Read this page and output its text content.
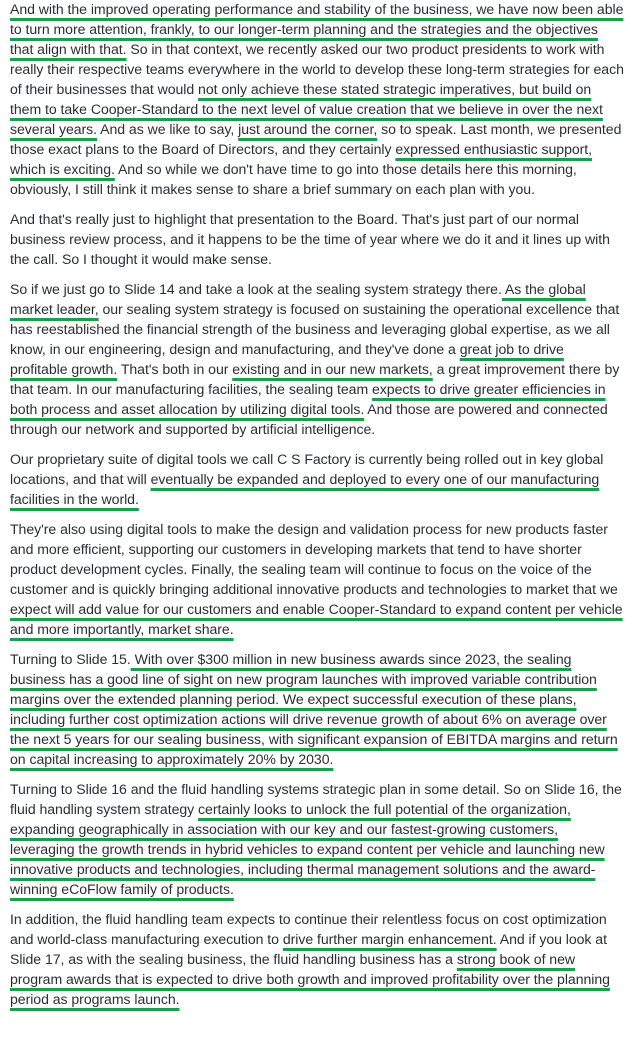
And with the improved operating performance and stability of the business, we have now been able to turn more attention, frankly, to our longer-term planning and the strategies and the objectives that align with that. So in that context, we recently asked our two product presidents to work with really their respective teams everywhere in the world to develop these long-term strategies for each of their businesses that would not only achieve these stated strategic imperatives, but build on them to take Cooper-Standard to the next level of value creation that we believe in over the next several years. And as we like to say, just around the corner, so to speak. Last month, we presented those exact plans to the Board of Directors, and they certainly expressed enthusiastic support, which is exciting. And so while we don't have time to go into those details here this morning, obviously, I still think it makes sense to share a brief summary on each plan with you.

And that's really just to highlight that presentation to the Board. That's just part of our normal business review process, and it happens to be the time of year where we do it and it lines up with the call. So I thought it would make sense.

So if we just go to Slide 14 and take a look at the sealing system strategy there. As the global market leader, our sealing system strategy is focused on sustaining the operational excellence that has reestablished the financial strength of the business and leveraging global expertise, as we all know, in our engineering, design and manufacturing, and they've done a great job to drive profitable growth. That's both in our existing and in our new markets, a great improvement there by that team. In our manufacturing facilities, the sealing team expects to drive greater efficiencies in both process and asset allocation by utilizing digital tools. And those are powered and connected through our network and supported by artificial intelligence.

Our proprietary suite of digital tools we call C S Factory is currently being rolled out in key global locations, and that will eventually be expanded and deployed to every one of our manufacturing facilities in the world.

They're also using digital tools to make the design and validation process for new products faster and more efficient, supporting our customers in developing markets that tend to have shorter product development cycles. Finally, the sealing team will continue to focus on the voice of the customer and is quickly bringing additional innovative products and technologies to market that we expect will add value for our customers and enable Cooper-Standard to expand content per vehicle and more importantly, market share.

Turning to Slide 15. With over $300 million in new business awards since 2023, the sealing business has a good line of sight on new program launches with improved variable contribution margins over the extended planning period. We expect successful execution of these plans, including further cost optimization actions will drive revenue growth of about 6% on average over the next 5 years for our sealing business, with significant expansion of EBITDA margins and return on capital increasing to approximately 20% by 2030.

Turning to Slide 16 and the fluid handling systems strategic plan in some detail. So on Slide 16, the fluid handling system strategy certainly looks to unlock the full potential of the organization, expanding geographically in association with our key and our fastest-growing customers, leveraging the growth trends in hybrid vehicles to expand content per vehicle and launching new innovative products and technologies, including thermal management solutions and the award-winning eCoFlow family of products.

In addition, the fluid handling team expects to continue their relentless focus on cost optimization and world-class manufacturing execution to drive further margin enhancement. And if you look at Slide 17, as with the sealing business, the fluid handling business has a strong book of new program awards that is expected to drive both growth and improved profitability over the planning period as programs launch.
